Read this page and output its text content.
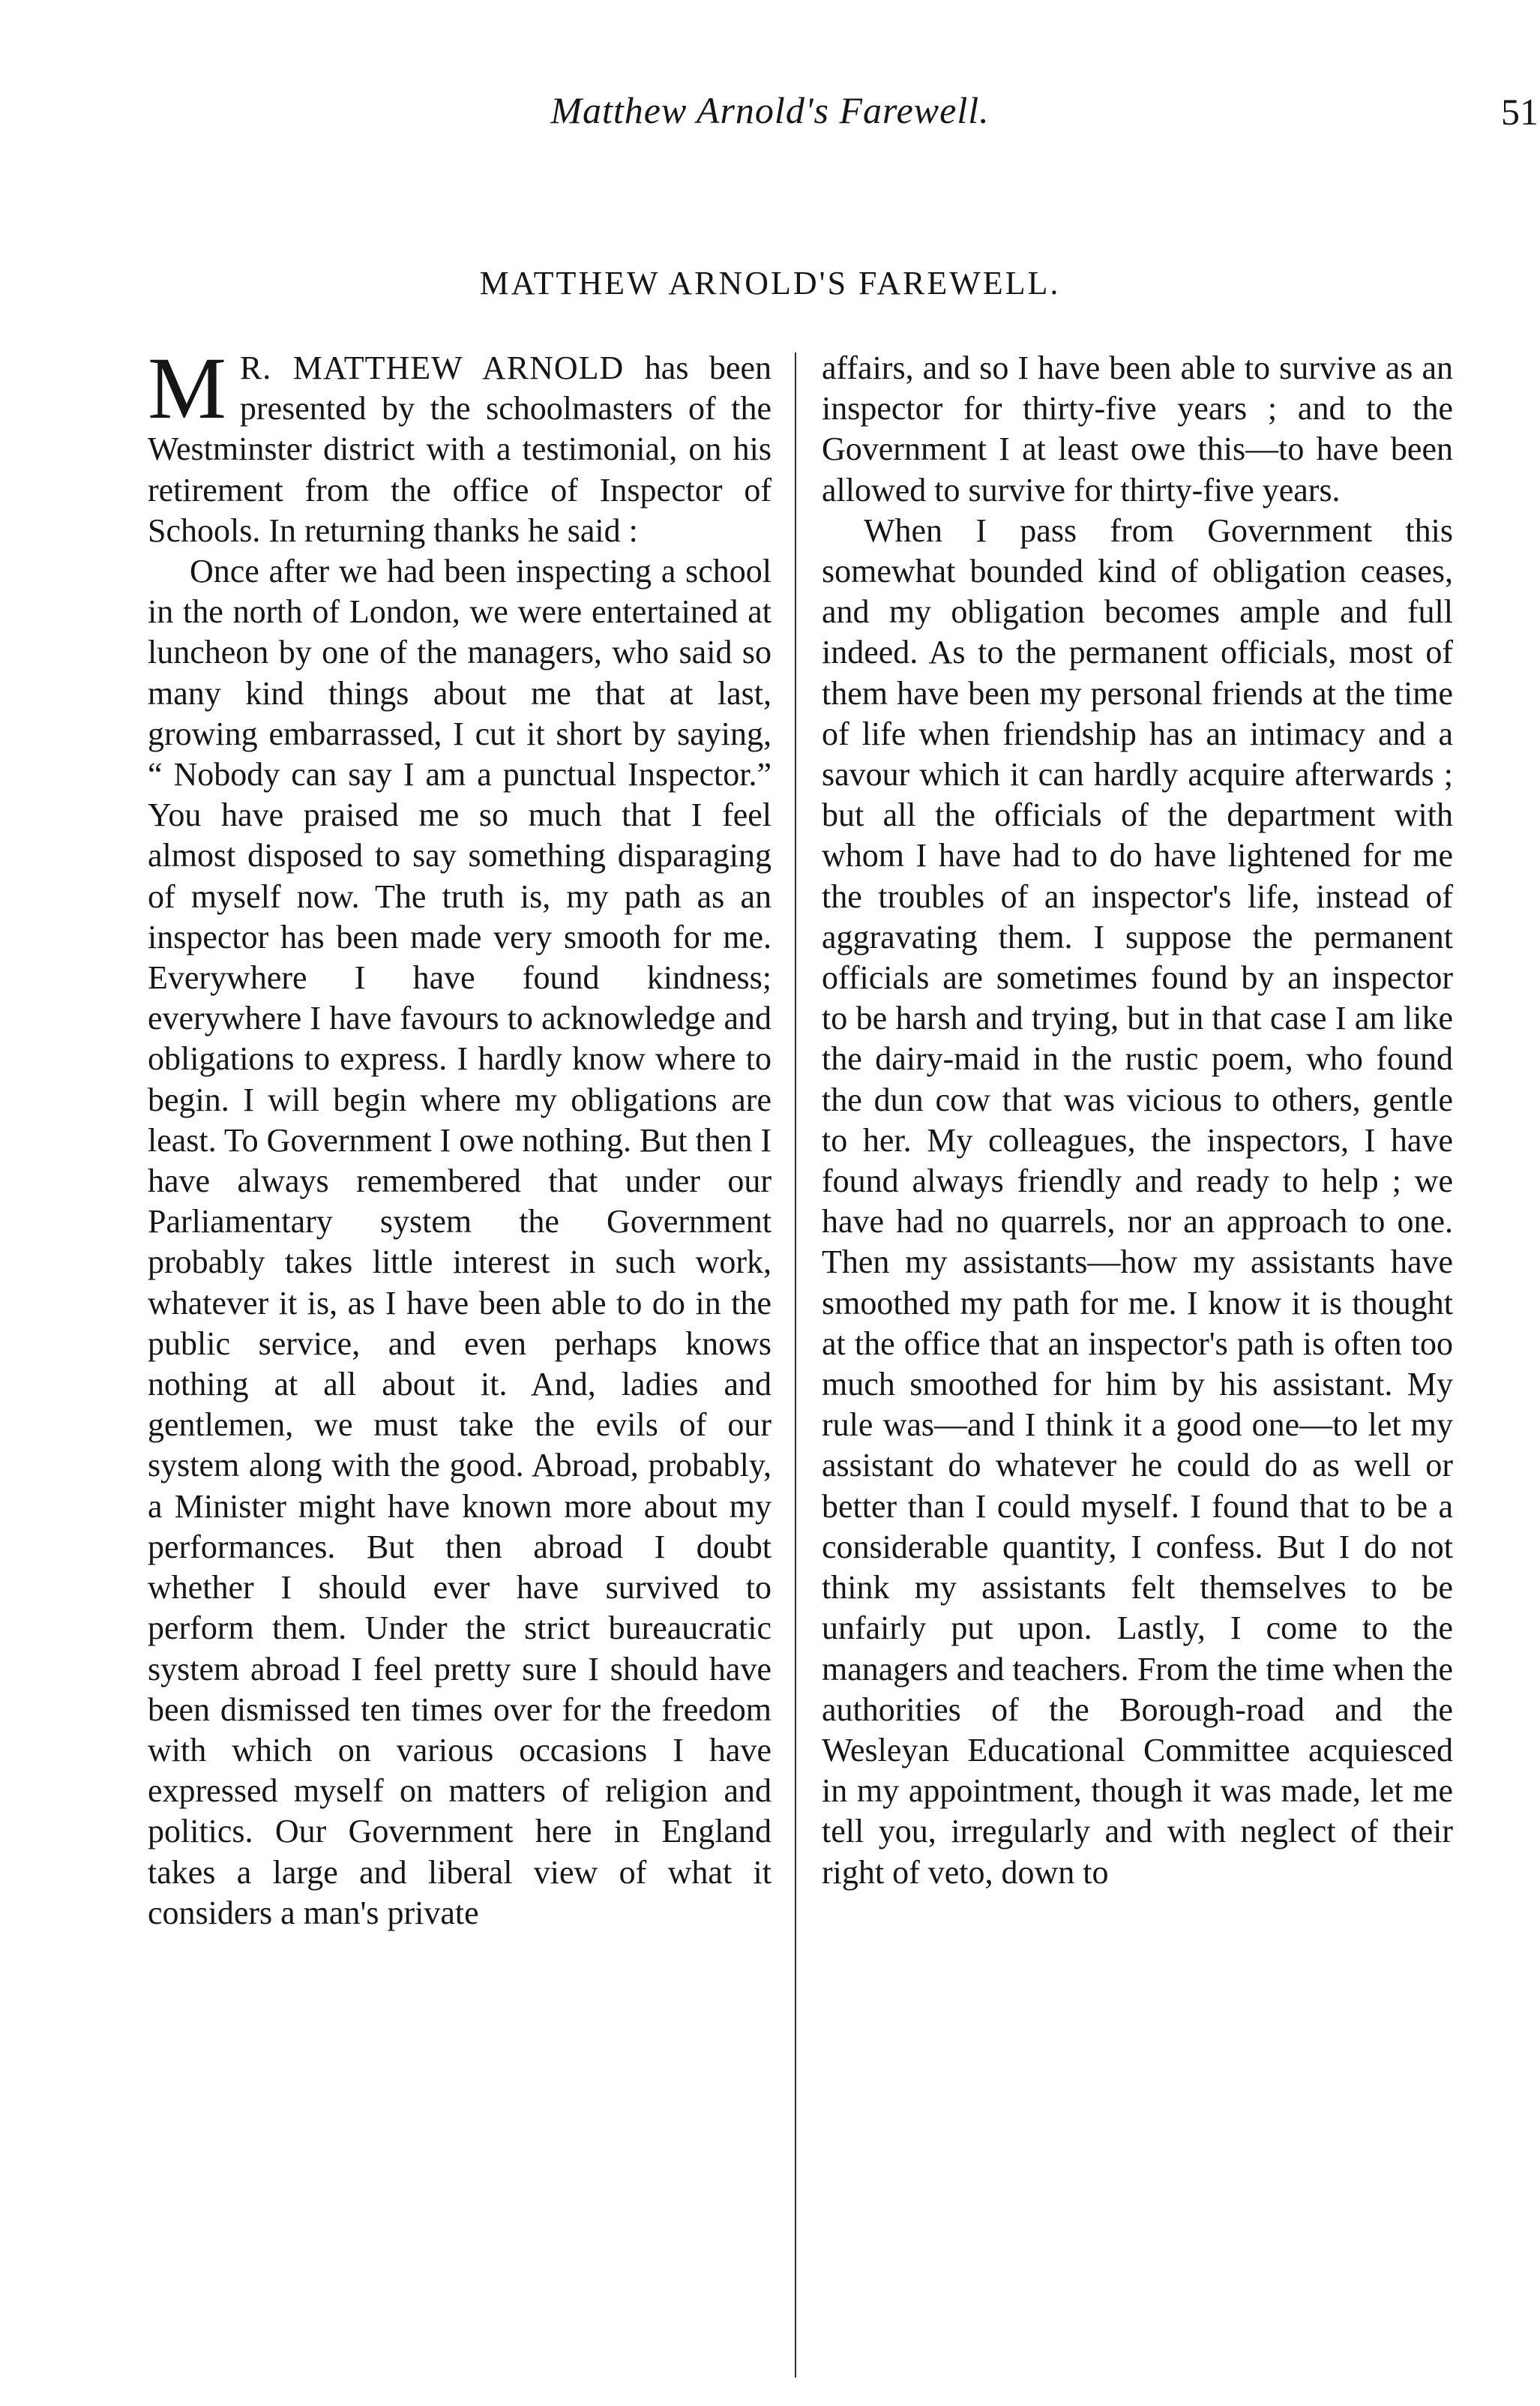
Matthew Arnold's Farewell.	51
MATTHEW ARNOLD'S FAREWELL.

M R. MATTHEW ARNOLD has been presented by the schoolmasters of the Westminster district with a testimonial, on his retirement from the office of Inspector of Schools. In returning thanks he said :

Once after we had been inspecting a school in the north of London, we were entertained at luncheon by one of the managers, who said so many kind things about me that at last, growing embarrassed, I cut it short by saying, “ Nobody can say I am a punctual Inspector.” You have praised me so much that I feel almost disposed to say something disparaging of myself now. The truth is, my path as an inspector has been made very smooth for me. Everywhere I have found kindness; everywhere I have favours to acknowledge and obligations to express. I hardly know where to begin. I will begin where my obligations are least. To Government I owe nothing. But then I have always remembered that under our Parliamentary system the Government probably takes little interest in such work, whatever it is, as I have been able to do in the public service, and even perhaps knows nothing at all about it. And, ladies and gentlemen, we must take the evils of our system along with the good. Abroad, probably, a Minister might have known more about my performances. But then abroad I doubt whether I should ever have survived to perform them. Under the strict bureaucratic system abroad I feel pretty sure I should have been dismissed ten times over for the freedom with which on various occasions I have expressed myself on matters of religion and politics. Our Government here in England takes a large and liberal view of what it considers a man's private

affairs, and so I have been able to survive as an inspector for thirty-five years ; and to the Government I at least owe this—to have been allowed to survive for thirty-five years.

When I pass from Government this somewhat bounded kind of obligation ceases, and my obligation becomes ample and full indeed. As to the permanent officials, most of them have been my personal friends at the time of life when friendship has an intimacy and a savour which it can hardly acquire afterwards ; but all the officials of the department with whom I have had to do have lightened for me the troubles of an inspector's life, instead of aggravating them. I suppose the permanent officials are sometimes found by an inspector to be harsh and trying, but in that case I am like the dairy-maid in the rustic poem, who found the dun cow that was vicious to others, gentle to her. My colleagues, the inspectors, I have found always friendly and ready to help ; we have had no quarrels, nor an approach to one. Then my assistants—how my assistants have smoothed my path for me. I know it is thought at the office that an inspector's path is often too much smoothed for him by his assistant. My rule was—and I think it a good one—to let my assistant do whatever he could do as well or better than I could myself. I found that to be a considerable quantity, I confess. But I do not think my assistants felt themselves to be unfairly put upon. Lastly, I come to the managers and teachers. From the time when the authorities of the Borough-road and the Wesleyan Educational Committee acquiesced in my appointment, though it was made, let me tell you, irregularly and with neglect of their right of veto, down to
